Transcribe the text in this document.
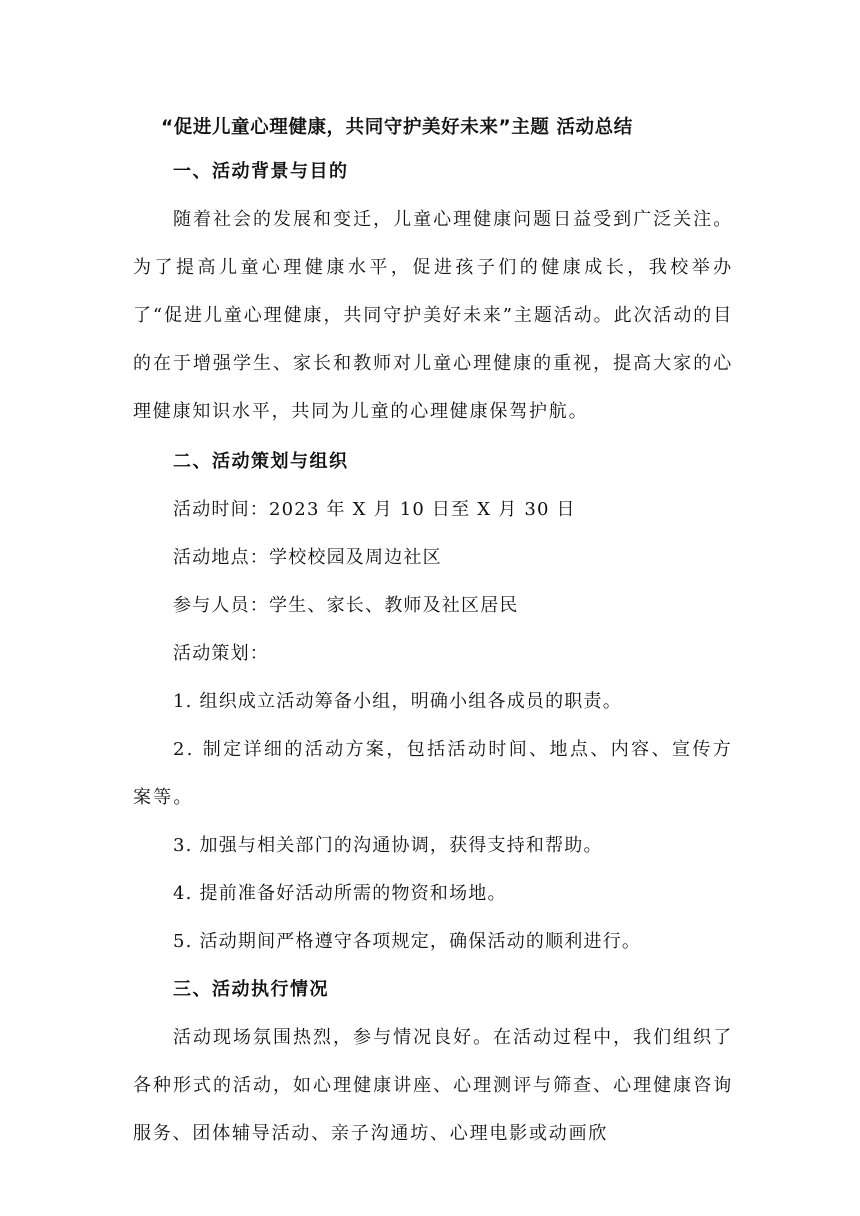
“促进儿童心理健康，共同守护美好未来”主题 活动总结
一、活动背景与目的
随着社会的发展和变迁，儿童心理健康问题日益受到广泛关注。为了提高儿童心理健康水平，促进孩子们的健康成长，我校举办了“促进儿童心理健康，共同守护美好未来”主题活动。此次活动的目的在于增强学生、家长和教师对儿童心理健康的重视，提高大家的心理健康知识水平，共同为儿童的心理健康保驾护航。
二、活动策划与组织
活动时间：2023 年 X 月 10 日至 X 月 30 日
活动地点：学校校园及周边社区
参与人员：学生、家长、教师及社区居民
活动策划：
1. 组织成立活动筹备小组，明确小组各成员的职责。
2. 制定详细的活动方案，包括活动时间、地点、内容、宣传方案等。
3. 加强与相关部门的沟通协调，获得支持和帮助。
4. 提前准备好活动所需的物资和场地。
5. 活动期间严格遵守各项规定，确保活动的顺利进行。
三、活动执行情况
活动现场氛围热烈，参与情况良好。在活动过程中，我们组织了各种形式的活动，如心理健康讲座、心理测评与筛查、心理健康咨询服务、团体辅导活动、亲子沟通坊、心理电影或动画欣
